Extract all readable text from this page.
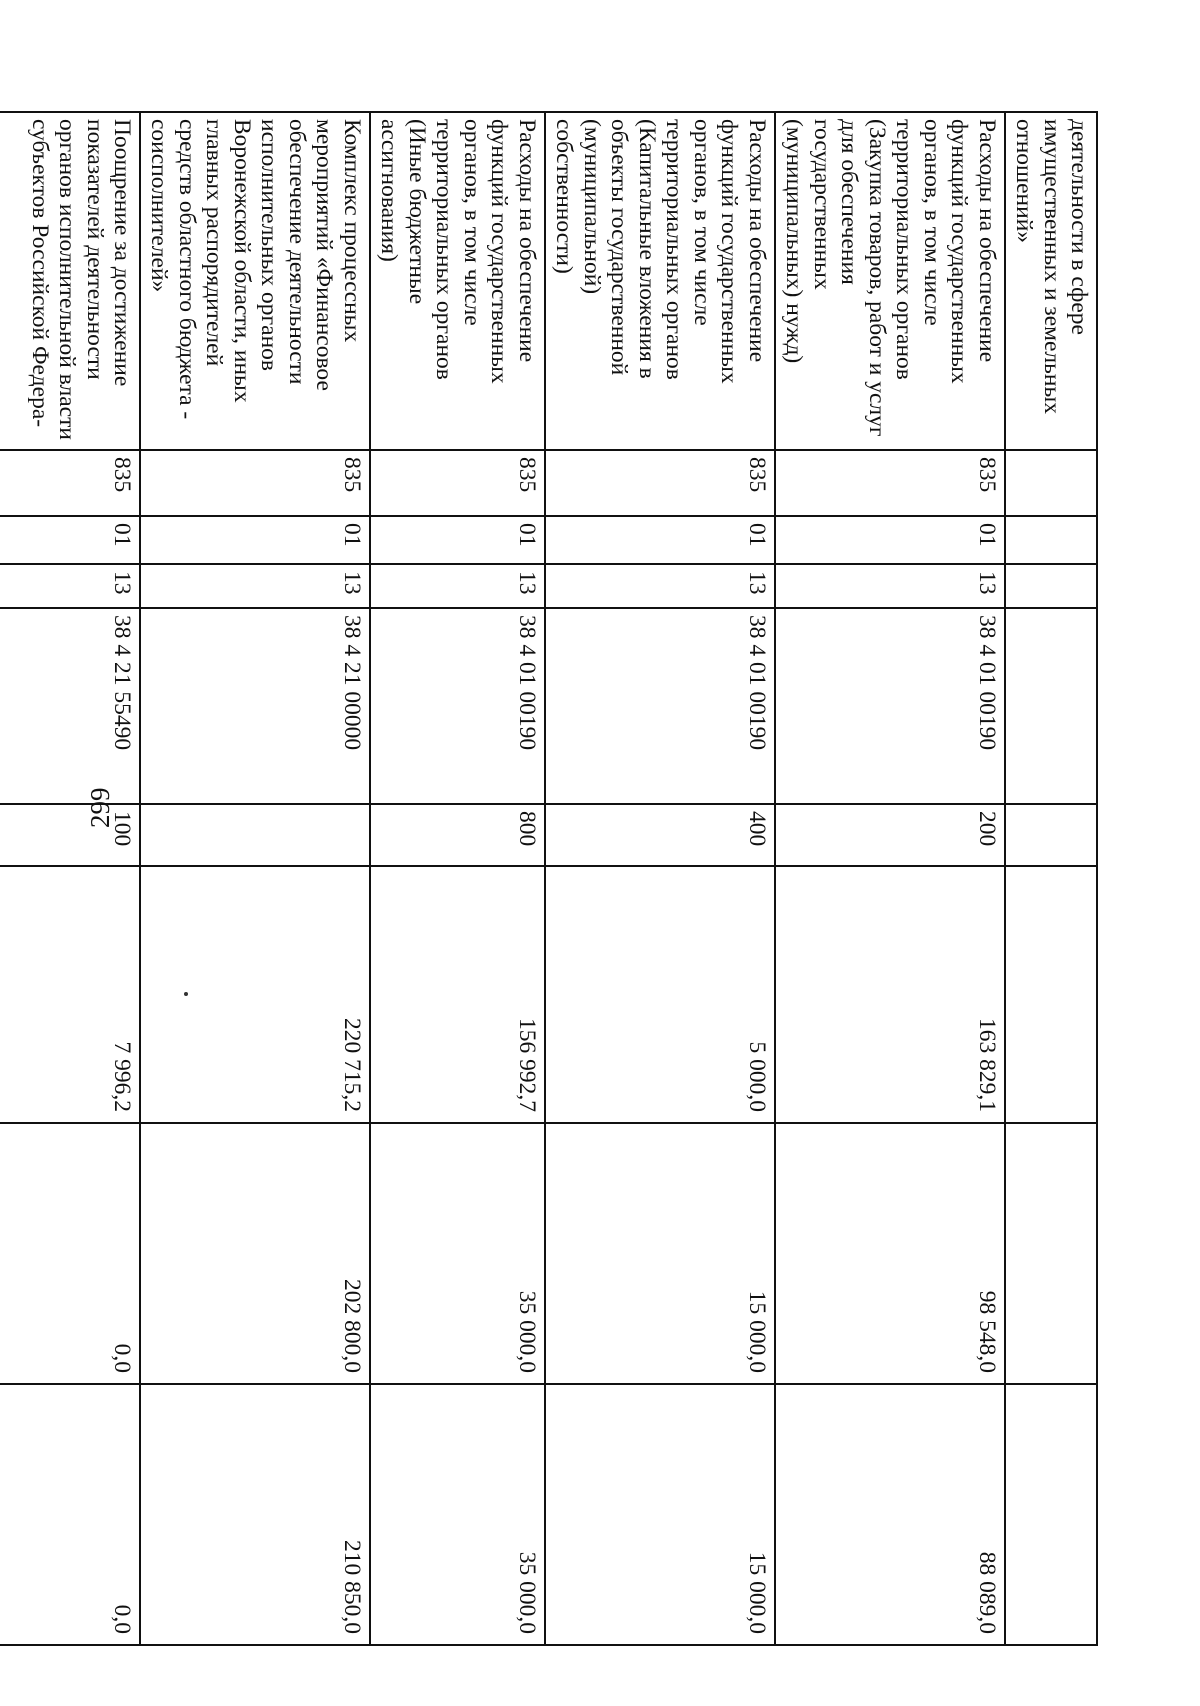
299
деятельности в сфере имущественных и земельных отношений»								
Расходы на обеспечение функций государственных органов, в том числе территориальных органов (Закупка товаров, работ и услуг для обеспечения государственных (муниципальных) нужд)	835	01	13	38 4 01 00190	200	163 829,1	98 548,0	88 089,0
Расходы на обеспечение функций государственных органов, в том числе территориальных органов (Капитальные вложения в объекты государственной (муниципальной) собственности)	835	01	13	38 4 01 00190	400	5 000,0	15 000,0	15 000,0
Расходы на обеспечение функций государственных органов, в том числе территориальных органов (Иные бюджетные ассигнования)	835	01	13	38 4 01 00190	800	156 992,7	35 000,0	35 000,0
Комплекс процессных мероприятий «Финансовое обеспечение деятельности исполнительных органов Воронежской области, иных главных распорядителей средств областного бюджета - соисполнителей»	835	01	13	38 4 21 00000		220 715,2	202 800,0	210 850,0
Поощрение за достижение показателей деятельности органов исполнительной власти субъектов Российской Федера-	835	01	13	38 4 21 55490	100	7 996,2	0,0	0,0
